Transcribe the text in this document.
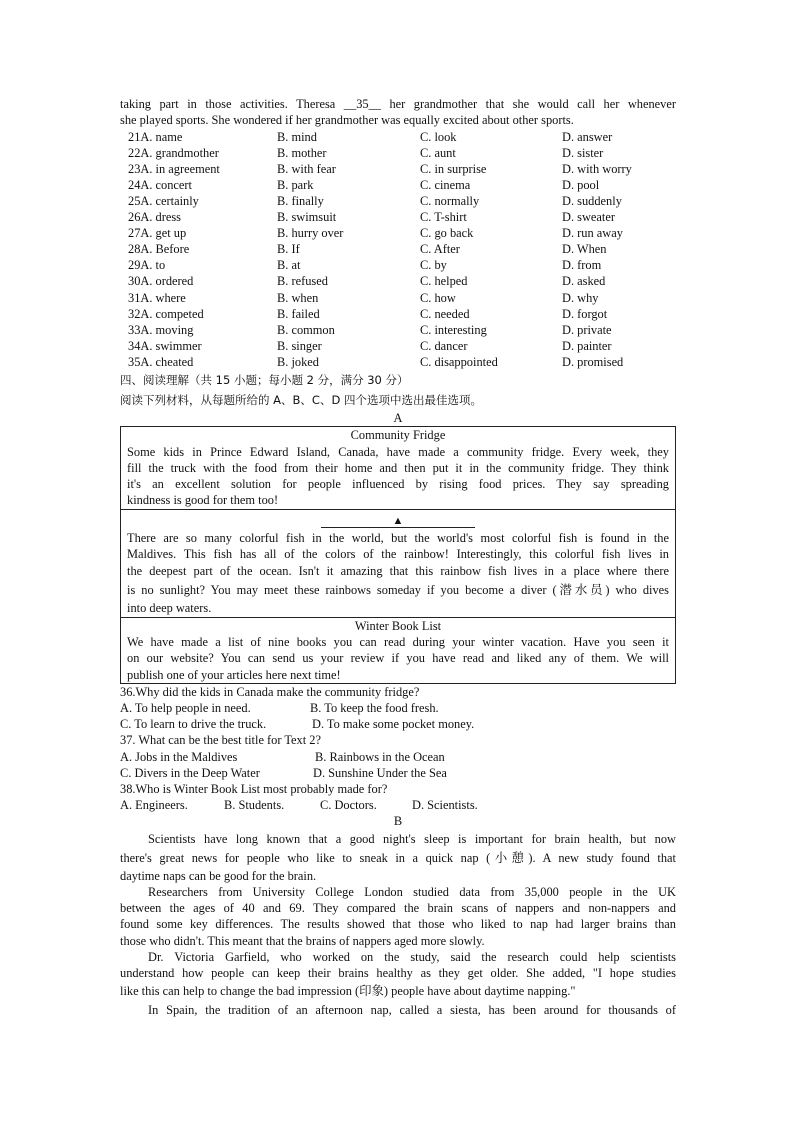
taking part in those activities. Theresa __35__ her grandmother that she would call her whenever
she played sports. She wondered if her grandmother was equally excited about other sports.
21A. name	B. mind	C. look	D. answer
22A. grandmother	B. mother	C. aunt	D. sister
23A. in agreement	B. with fear	C. in surprise	D. with worry
24A. concert	B. park	C. cinema	D. pool
25A. certainly	B. finally	C. normally	D. suddenly
26A. dress	B. swimsuit	C. T-shirt	D. sweater
27A. get up	B. hurry over	C. go back	D. run away
28A. Before	B. If	C. After	D. When
29A. to	B. at	C. by	D. from
30A. ordered	B. refused	C. helped	D. asked
31A. where	B. when	C. how	D. why
32A. competed	B. failed	C. needed	D. forgot
33A. moving	B. common	C. interesting	D. private
34A. swimmer	B. singer	C. dancer	D. painter
35A. cheated	B. joked	C. disappointed	D. promised
四、阅读理解（共 15 小题；每小题 2 分，满分 30 分）
阅读下列材料，从每题所给的 A、B、C、D 四个选项中选出最佳选项。
A
Community Fridge
Some kids in Prince Edward Island, Canada, have made a community fridge. Every week, they
fill the truck with the food from their home and then put it in the community fridge. They think
it's an excellent solution for people influenced by rising food prices. They say spreading
kindness is good for them too!
▲
There are so many colorful fish in the world, but the world's most colorful fish is found in the
Maldives. This fish has all of the colors of the rainbow! Interestingly, this colorful fish lives in
the deepest part of the ocean. Isn't it amazing that this rainbow fish lives in a place where there
is no sunlight? You may meet these rainbows someday if you become a diver (潜水员) who dives
into deep waters.
Winter Book List
We have made a list of nine books you can read during your winter vacation. Have you seen it
on our website? You can send us your review if you have read and liked any of them. We will
publish one of your articles here next time!
36.Why did the kids in Canada make the community fridge?
A. To help people in need.	B. To keep the food fresh.
C. To learn to drive the truck.	D. To make some pocket money.
37. What can be the best title for Text 2?
A. Jobs in the Maldives	B. Rainbows in the Ocean
C. Divers in the Deep Water	D. Sunshine Under the Sea
38.Who is Winter Book List most probably made for?
A. Engineers.	B. Students.	C. Doctors.	D. Scientists.
B
Scientists have long known that a good night's sleep is important for brain health, but now
there's great news for people who like to sneak in a quick nap (小憩). A new study found that
daytime naps can be good for the brain.
Researchers from University College London studied data from 35,000 people in the UK
between the ages of 40 and 69. They compared the brain scans of nappers and non-nappers and
found some key differences. The results showed that those who liked to nap had larger brains than
those who didn't. This meant that the brains of nappers aged more slowly.
Dr. Victoria Garfield, who worked on the study, said the research could help scientists
understand how people can keep their brains healthy as they get older. She added, "I hope studies
like this can help to change the bad impression (印象) people have about daytime napping."
In Spain, the tradition of an afternoon nap, called a siesta, has been around for thousands of
